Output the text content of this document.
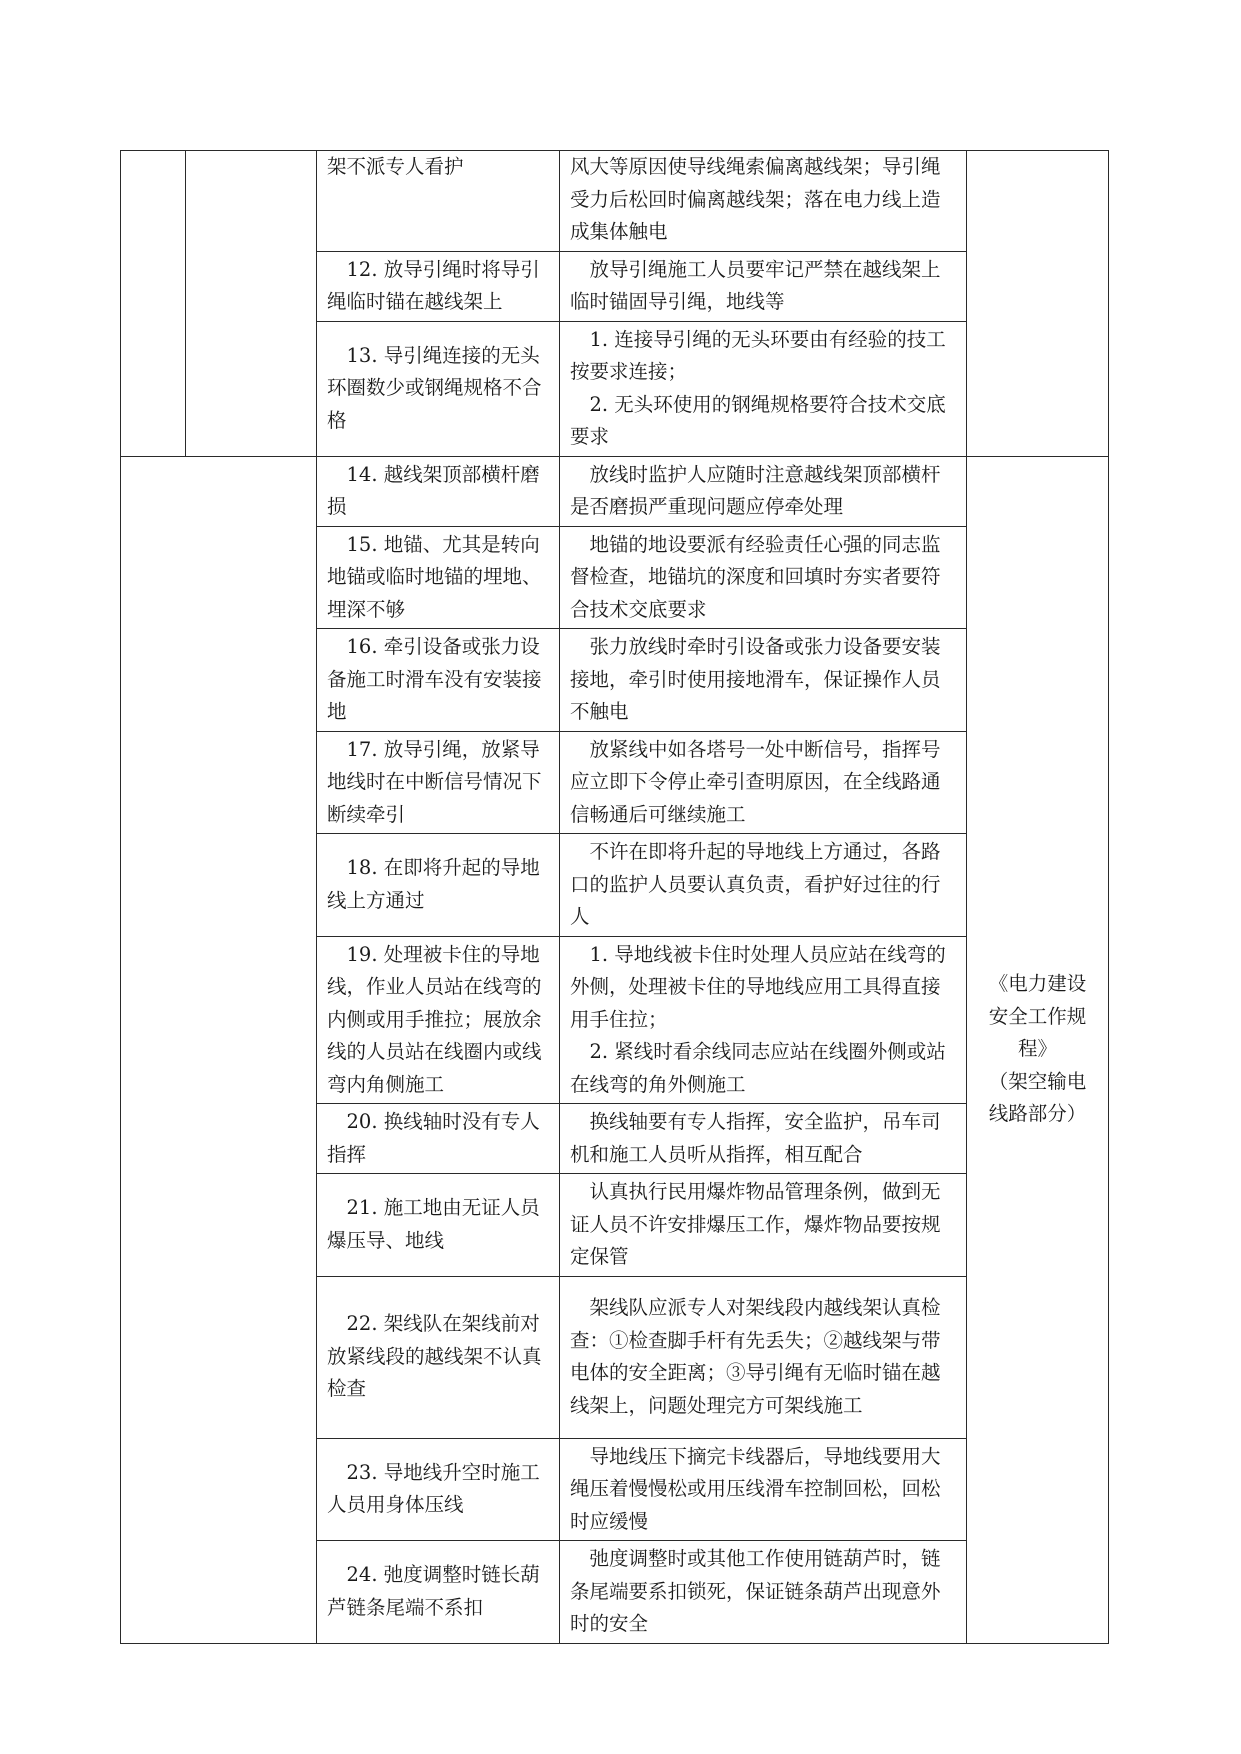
		架不派专人看护	风大等原因使导线绳索偏离越线架；导引绳受力后松回时偏离越线架；落在电力线上造成集体触电	

		12. 放导引绳时将导引绳临时锚在越线架上	放导引绳施工人员要牢记严禁在越线架上临时锚固导引绳，地线等	

		13. 导引绳连接的无头环圈数少或钢绳规格不合格	1. 连接导引绳的无头环要由有经验的技工按要求连接；
2. 无头环使用的钢绳规格要符合技术交底要求	

		14. 越线架顶部横杆磨损	放线时监护人应随时注意越线架顶部横杆是否磨损严重现问题应停牵处理	《电力建设
安全工作规
程》
（架空输电
线路部分）

		15. 地锚、尤其是转向地锚或临时地锚的埋地、埋深不够	地锚的地设要派有经验责任心强的同志监督检查，地锚坑的深度和回填时夯实者要符合技术交底要求	

		16. 牵引设备或张力设备施工时滑车没有安装接地	张力放线时牵时引设备或张力设备要安装接地，牵引时使用接地滑车，保证操作人员不触电	

		17. 放导引绳，放紧导地线时在中断信号情况下断续牵引	放紧线中如各塔号一处中断信号，指挥号应立即下令停止牵引查明原因，在全线路通信畅通后可继续施工	

		18. 在即将升起的导地线上方通过	不许在即将升起的导地线上方通过，各路口的监护人员要认真负责，看护好过往的行人	

		19. 处理被卡住的导地线，作业人员站在线弯的内侧或用手推拉；展放余线的人员站在线圈内或线弯内角侧施工	1. 导地线被卡住时处理人员应站在线弯的外侧，处理被卡住的导地线应用工具得直接用手住拉；
2. 紧线时看余线同志应站在线圈外侧或站在线弯的角外侧施工	

		20. 换线轴时没有专人指挥	换线轴要有专人指挥，安全监护，吊车司机和施工人员听从指挥，相互配合	

		21. 施工地由无证人员爆压导、地线	认真执行民用爆炸物品管理条例，做到无证人员不许安排爆压工作，爆炸物品要按规定保管	

		22. 架线队在架线前对放紧线段的越线架不认真检查	架线队应派专人对架线段内越线架认真检查：①检查脚手杆有先丢失；②越线架与带电体的安全距离；③导引绳有无临时锚在越线架上，问题处理完方可架线施工	

		23. 导地线升空时施工人员用身体压线	导地线压下摘完卡线器后，导地线要用大绳压着慢慢松或用压线滑车控制回松，回松时应缓慢	

		24. 弛度调整时链长葫芦链条尾端不系扣	弛度调整时或其他工作使用链葫芦时，链条尾端要系扣锁死，保证链条葫芦出现意外时的安全	
